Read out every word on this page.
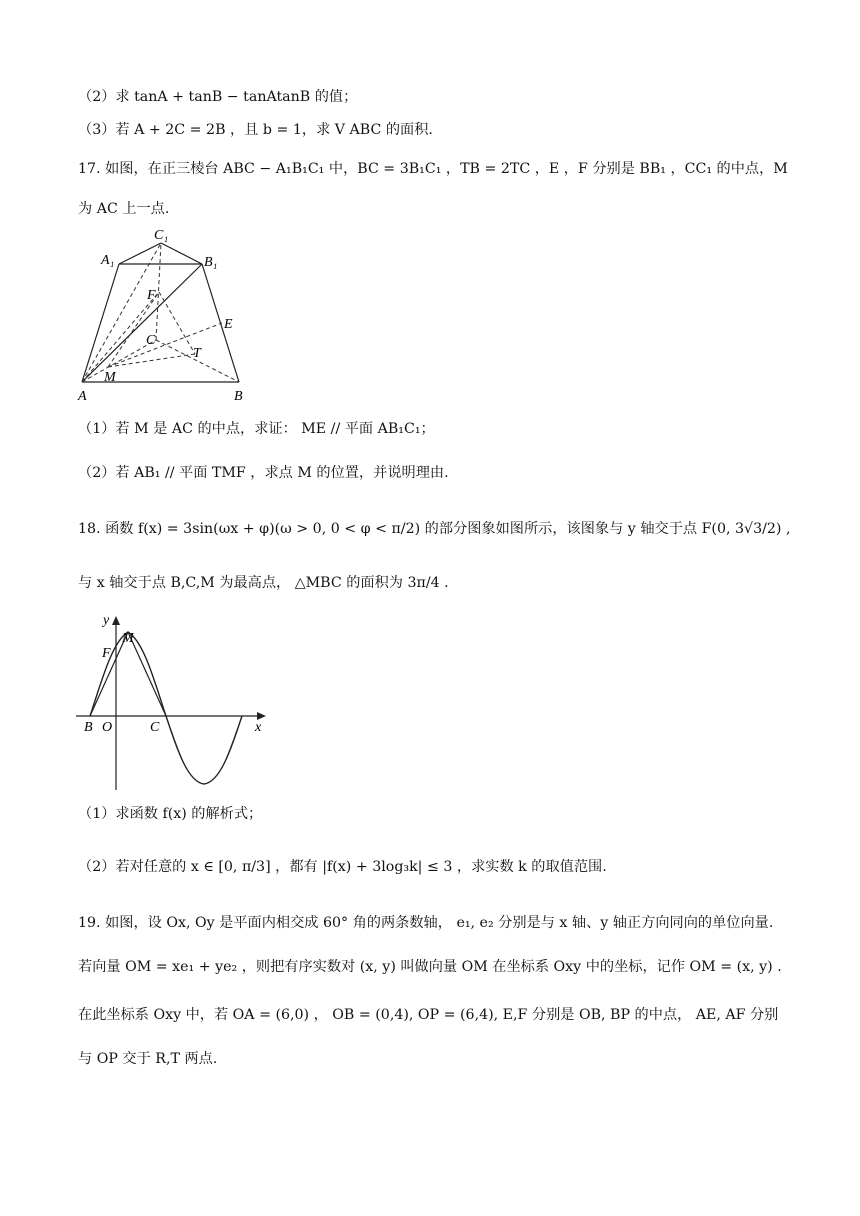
（2）求 tanA + tanB − tanAtanB 的值；
（3）若 A + 2C = 2B ，且 b = 1，求 V ABC 的面积.
17. 如图，在正三棱台 ABC − A₁B₁C₁ 中，BC = 3B₁C₁ ，TB = 2TC ，E ，F 分别是 BB₁ ，CC₁ 的中点，M
为 AC 上一点.
C₁
A₁	B₁
F
E
C
T
M
A	B
（1）若 M 是 AC 的中点，求证： ME // 平面 AB₁C₁；
（2）若 AB₁ // 平面 TMF ，求点 M 的位置，并说明理由.
18. 函数 f(x) = 3sin(ωx + φ)(ω > 0, 0 < φ < π/2) 的部分图象如图所示，该图象与 y 轴交于点 F(0, 3√3/2) ,
与 x 轴交于点 B,C,M 为最高点， △MBC 的面积为 3π/4 .
y
M
F
B O	C	x
（1）求函数 f(x) 的解析式；
（2）若对任意的 x ∈ [0, π/3] ，都有 |f(x) + 3log₃k| ≤ 3 ，求实数 k 的取值范围.
19. 如图，设 Ox, Oy 是平面内相交成 60° 角的两条数轴， e₁, e₂ 分别是与 x 轴、y 轴正方向同向的单位向量.
若向量 OM = xe₁ + ye₂ ，则把有序实数对 (x, y) 叫做向量 OM 在坐标系 Oxy 中的坐标，记作 OM = (x, y) .
在此坐标系 Oxy 中，若 OA = (6,0) ， OB = (0,4), OP = (6,4), E,F 分别是 OB, BP 的中点， AE, AF 分别
与 OP 交于 R,T 两点.
